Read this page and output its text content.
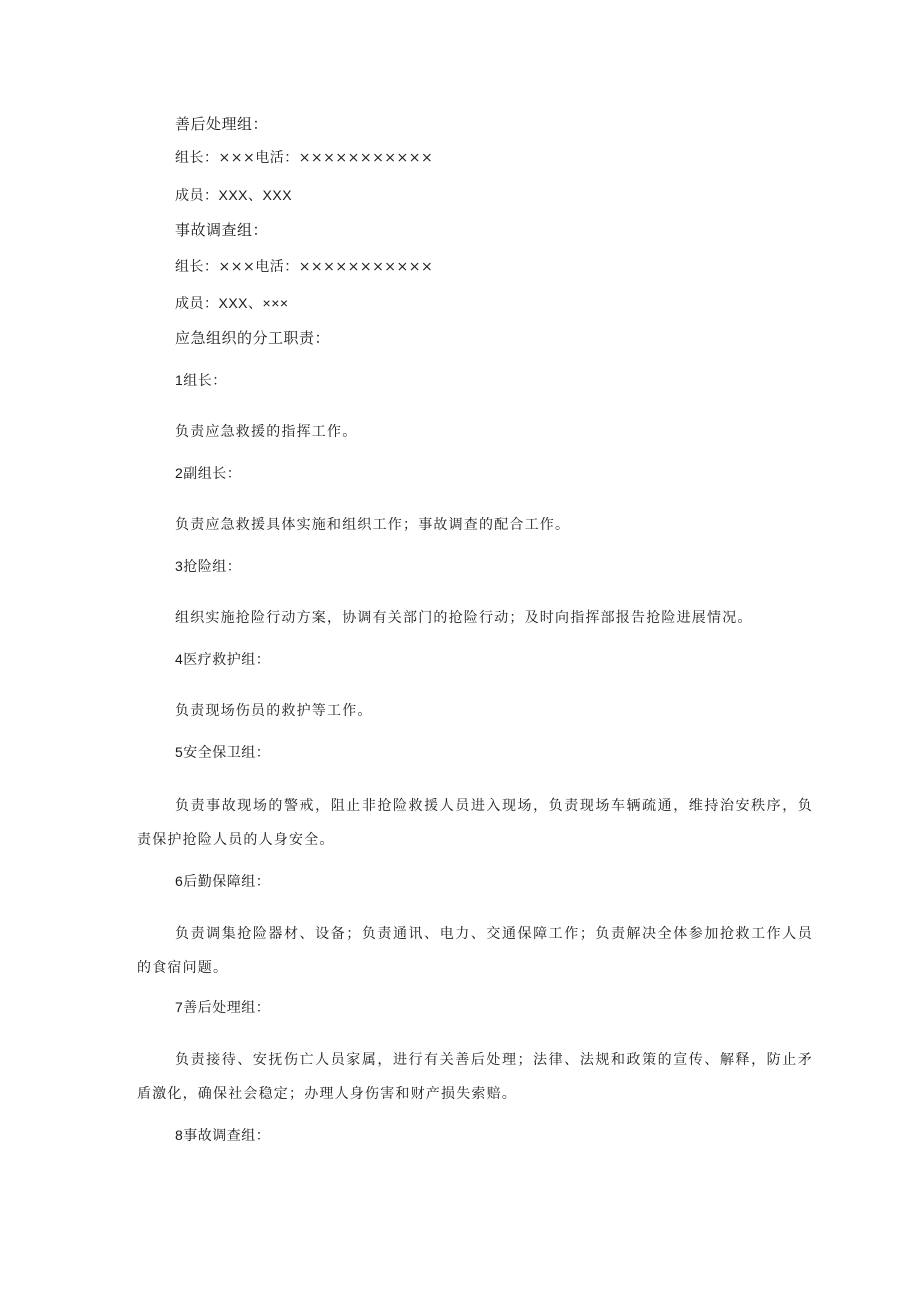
善后处理组：
组长：×××电活：×××××××××××
成员：XXX、XXX
事故调查组：
组长：×××电活：×××××××××××
成员：XXX、×××
应急组织的分工职责：
1组长：
负责应急救援的指挥工作。
2副组长：
负责应急救援具体实施和组织工作；事故调查的配合工作。
3抢险组：
组织实施抢险行动方案，协调有关部门的抢险行动；及时向指挥部报告抢险进展情况。
4医疗救护组：
负责现场伤员的救护等工作。
5安全保卫组：
负责事故现场的警戒，阻止非抢险救援人员进入现场，负责现场车辆疏通，维持治安秩序，负责保护抢险人员的人身安全。
6后勤保障组：
负责调集抢险器材、设备；负责通讯、电力、交通保障工作；负责解决全体参加抢救工作人员的食宿问题。
7善后处理组：
负责接待、安抚伤亡人员家属，进行有关善后处理；法律、法规和政策的宣传、解释，防止矛盾激化，确保社会稳定；办理人身伤害和财产损失索赔。
8事故调查组：
